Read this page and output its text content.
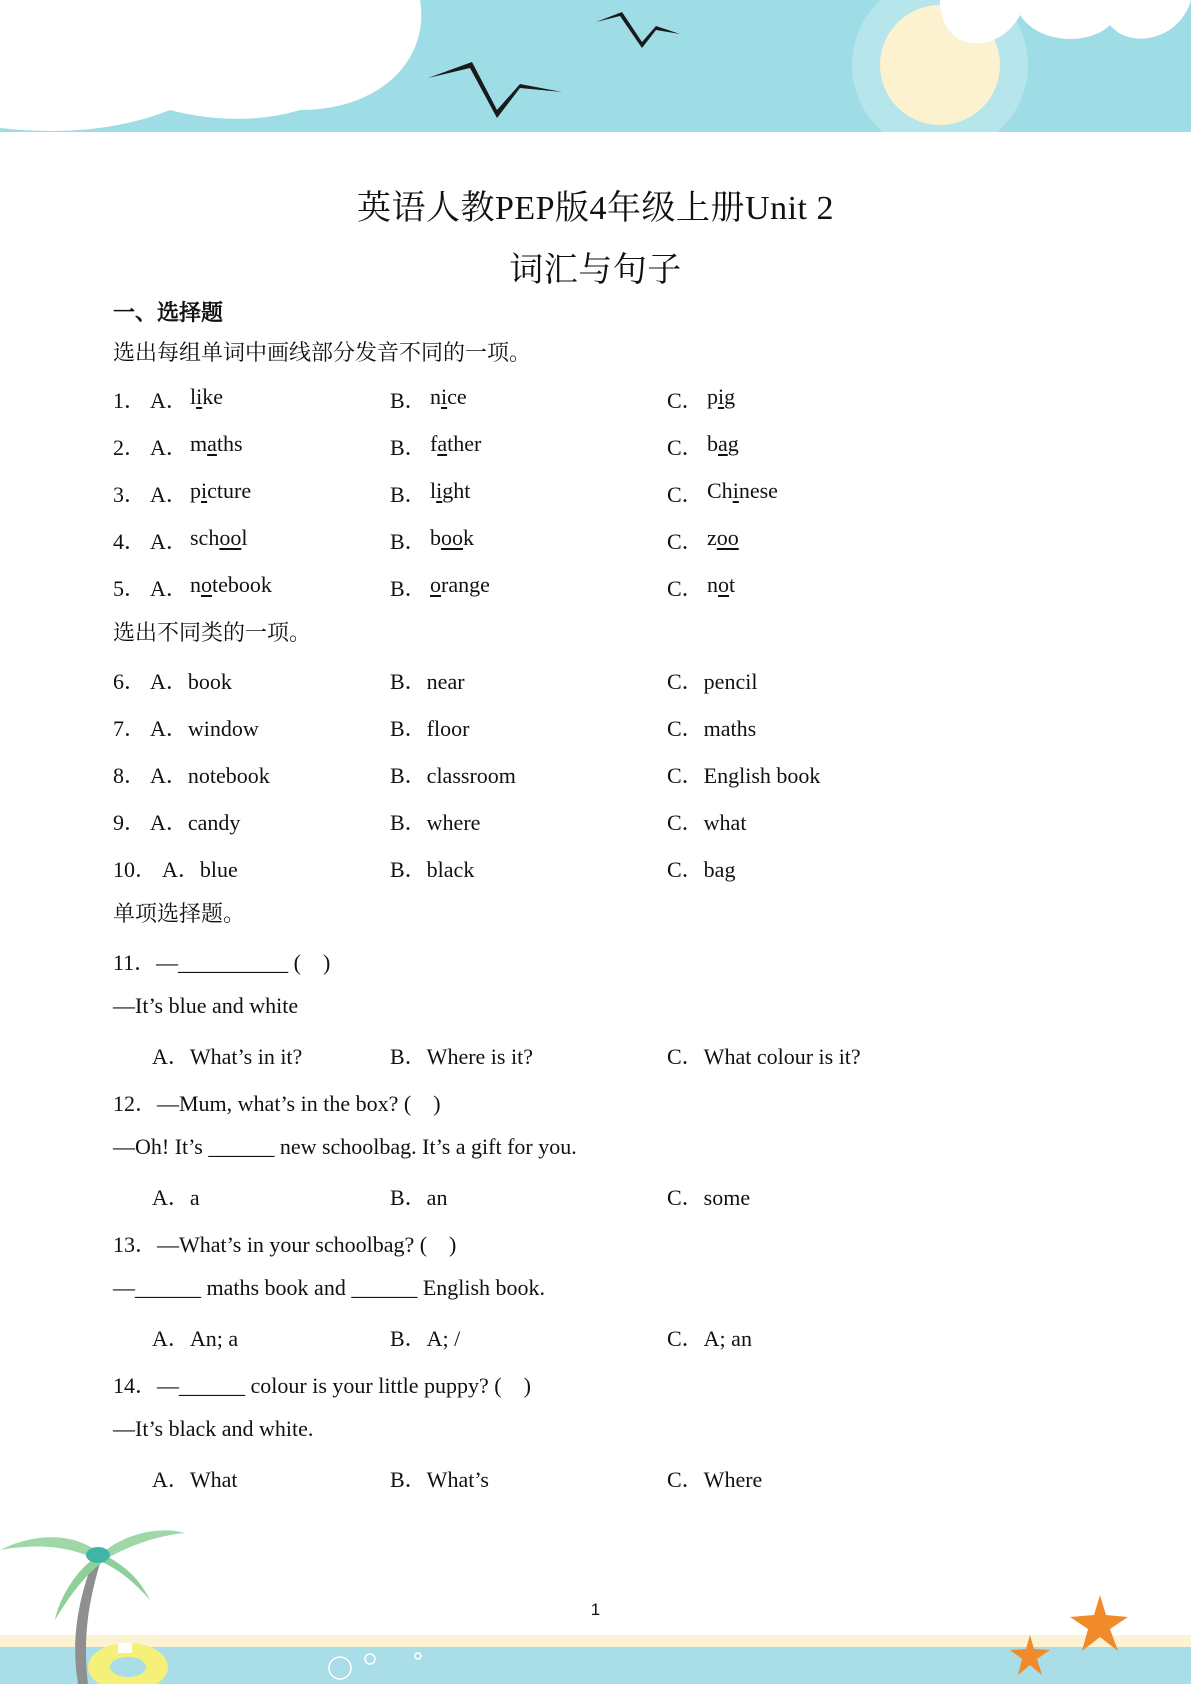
英语人教PEP版4年级上册Unit 2
词汇与句子
一、选择题
选出每组单词中画线部分发音不同的一项。
1． A． like	B． nice	C． pig
2． A． maths	B． father	C． bag
3． A． picture	B． light	C． Chinese
4． A． school	B． book	C． zoo
5． A． notebook	B． orange	C． not
选出不同类的一项。
6． A．book	B．near	C．pencil
7． A．window	B．floor	C．maths
8． A．notebook	B．classroom	C．English book
9． A．candy	B．where	C．what
10． A．blue	B．black	C．bag
单项选择题。
11．—__________ (　)
—It’s blue and white
A．What’s in it?	B．Where is it?	C．What colour is it?
12．—Mum, what’s in the box? (　)
—Oh! It’s ______ new schoolbag. It’s a gift for you.
A．a	B．an	C．some
13．—What’s in your schoolbag? (　)
—______ maths book and ______ English book.
A．An; a	B．A; /	C．A; an
14．—______ colour is your little puppy? (　)
—It’s black and white.
A．What	B．What’s	C．Where
1
